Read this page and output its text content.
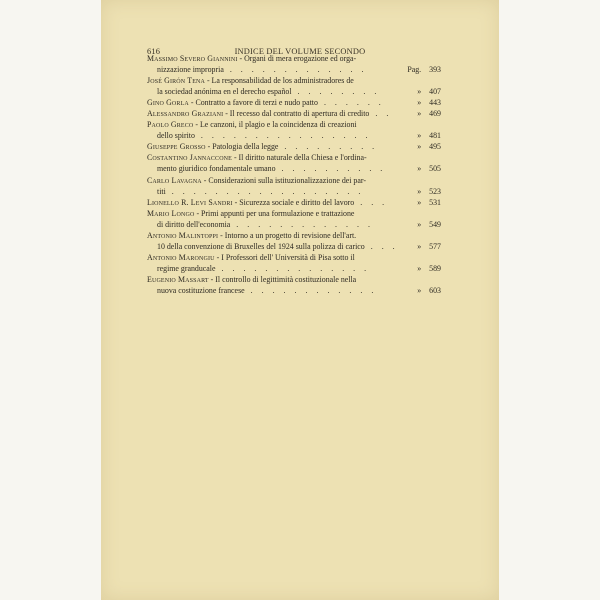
616	INDICE DEL VOLUME SECONDO
Massimo Severo Giannini - Organi di mera erogazione ed orga-
nizzazione impropria .............	Pag. 393
José Girón Tena - La responsabilidad de los administradores de
la sociedad anónima en el derecho español ........	» 407
Gino Gorla - Contratto a favore di terzi e nudo patto ......	» 443
Alessandro Graziani - Il recesso dal contratto di apertura di credito ..	» 469
Paolo Greco - Le canzoni, il plagio e la coincidenza di creazioni
dello spirito ................	» 481
Giuseppe Grosso - Patologia della legge .........	» 495
Costantino Jannaccone - Il diritto naturale della Chiesa e l'ordina-
mento giuridico fondamentale umano ..........	» 505
Carlo Lavagna - Considerazioni sulla istituzionalizzazione dei par-
titi ..................	» 523
Lionello R. Levi Sandri - Sicurezza sociale e diritto del lavoro ...	» 531
Mario Longo - Primi appunti per una formulazione e trattazione
di diritto dell'economia .............	» 549
Antonio Malintoppi - Intorno a un progetto di revisione dell'art.
10 della convenzione di Bruxelles del 1924 sulla polizza di carico ... » 577
Antonio Marongiu - I Professori dell' Università di Pisa sotto il
regime granducale ..............	» 589
Eugenio Massart - Il controllo di legittimità costituzionale nella
nuova costituzione francese ............	» 603
